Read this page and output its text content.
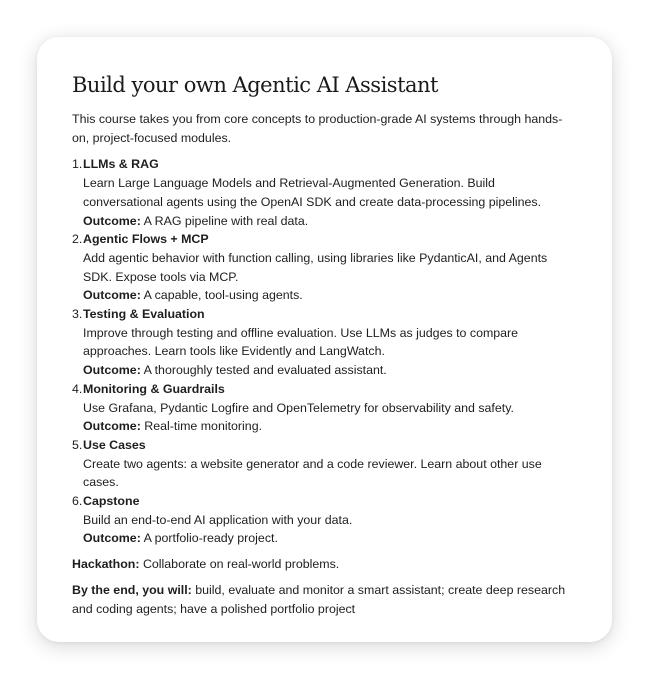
Build your own Agentic AI Assistant

This course takes you from core concepts to production-grade AI systems through hands-on, project-focused modules.

1. LLMs & RAG
Learn Large Language Models and Retrieval-Augmented Generation. Build conversational agents using the OpenAI SDK and create data-processing pipelines.
Outcome: A RAG pipeline with real data.
2. Agentic Flows + MCP
Add agentic behavior with function calling, using libraries like PydanticAI, and Agents SDK. Expose tools via MCP.
Outcome: A capable, tool-using agents.
3. Testing & Evaluation
Improve through testing and offline evaluation. Use LLMs as judges to compare approaches. Learn tools like Evidently and LangWatch.
Outcome: A thoroughly tested and evaluated assistant.
4. Monitoring & Guardrails
Use Grafana, Pydantic Logfire and OpenTelemetry for observability and safety.
Outcome: Real-time monitoring.
5. Use Cases
Create two agents: a website generator and a code reviewer. Learn about other use cases.
6. Capstone
Build an end-to-end AI application with your data.
Outcome: A portfolio-ready project.

Hackathon: Collaborate on real-world problems.

By the end, you will: build, evaluate and monitor a smart assistant; create deep research and coding agents; have a polished portfolio project
